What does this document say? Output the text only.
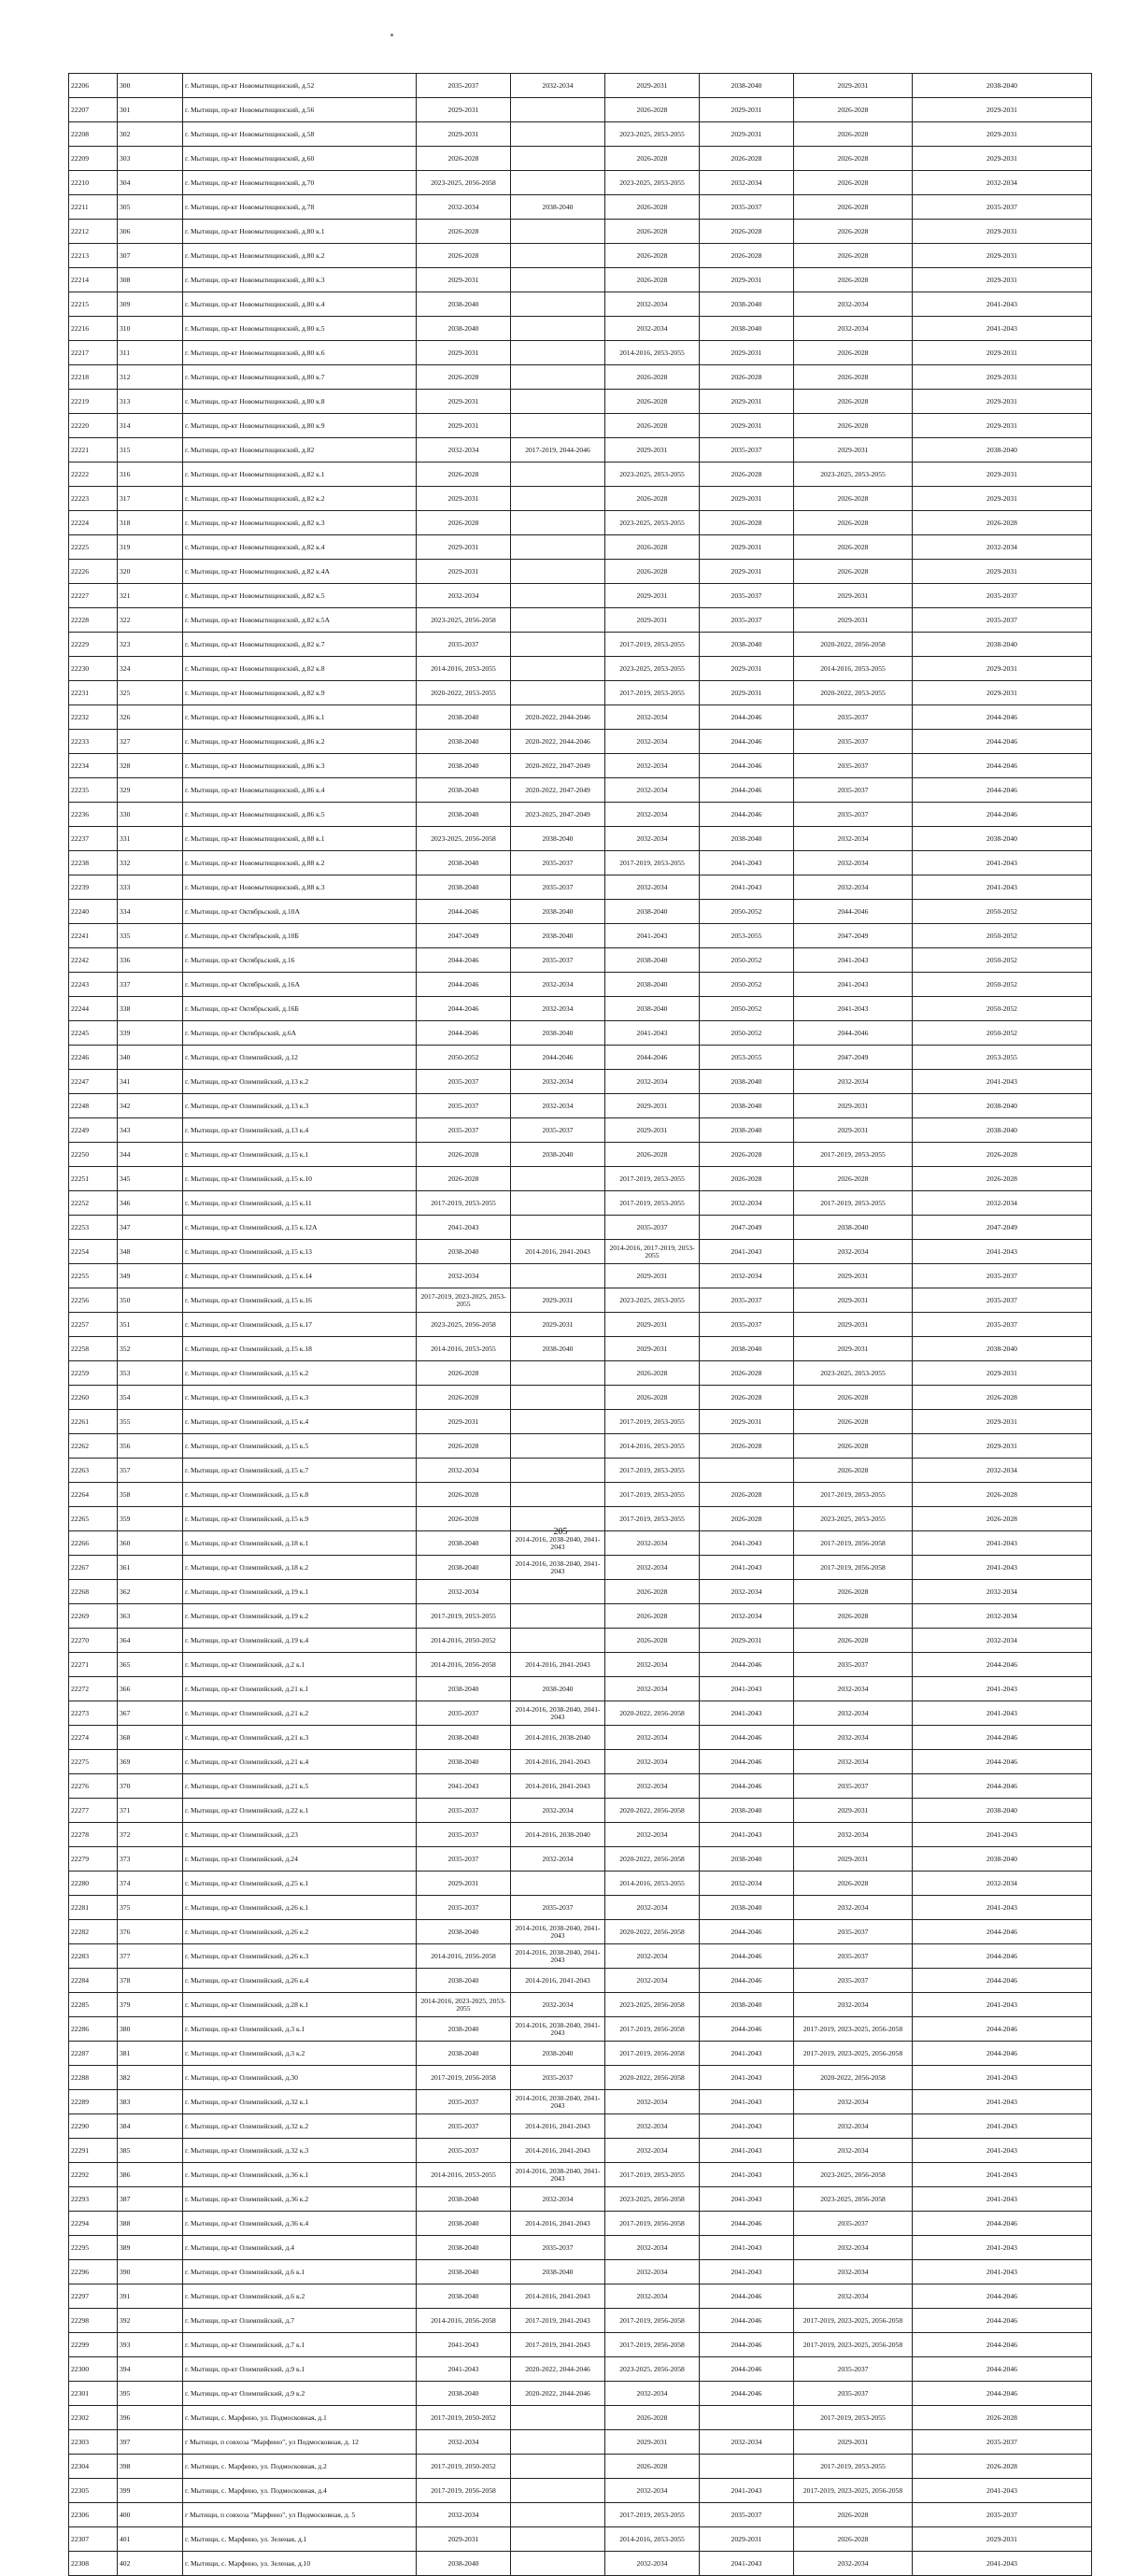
22206	300	г. Мытищи, пр-кт Новомытищинский, д.52	2035-2037	2032-2034	2029-2031	2038-2040	2029-2031	2038-2040
22207	301	г. Мытищи, пр-кт Новомытищинский, д.56	2029-2031		2026-2028	2029-2031	2026-2028	2029-2031
22208	302	г. Мытищи, пр-кт Новомытищинский, д.58	2029-2031		2023-2025, 2053-2055	2029-2031	2026-2028	2029-2031
22209	303	г. Мытищи, пр-кт Новомытищинский, д.60	2026-2028		2026-2028	2026-2028	2026-2028	2029-2031
22210	304	г. Мытищи, пр-кт Новомытищинский, д.70	2023-2025, 2056-2058		2023-2025, 2053-2055	2032-2034	2026-2028	2032-2034
22211	305	г. Мытищи, пр-кт Новомытищинский, д.78	2032-2034	2038-2040	2026-2028	2035-2037	2026-2028	2035-2037
22212	306	г. Мытищи, пр-кт Новомытищинский, д.80 к.1	2026-2028		2026-2028	2026-2028	2026-2028	2029-2031
22213	307	г. Мытищи, пр-кт Новомытищинский, д.80 к.2	2026-2028		2026-2028	2026-2028	2026-2028	2029-2031
22214	308	г. Мытищи, пр-кт Новомытищинский, д.80 к.3	2029-2031		2026-2028	2029-2031	2026-2028	2029-2031
22215	309	г. Мытищи, пр-кт Новомытищинский, д.80 к.4	2038-2040		2032-2034	2038-2040	2032-2034	2041-2043
22216	310	г. Мытищи, пр-кт Новомытищинский, д.80 к.5	2038-2040		2032-2034	2038-2040	2032-2034	2041-2043
22217	311	г. Мытищи, пр-кт Новомытищинский, д.80 к.6	2029-2031		2014-2016, 2053-2055	2029-2031	2026-2028	2029-2031
22218	312	г. Мытищи, пр-кт Новомытищинский, д.80 к.7	2026-2028		2026-2028	2026-2028	2026-2028	2029-2031
22219	313	г. Мытищи, пр-кт Новомытищинский, д.80 к.8	2029-2031		2026-2028	2029-2031	2026-2028	2029-2031
22220	314	г. Мытищи, пр-кт Новомытищинский, д.80 к.9	2029-2031		2026-2028	2029-2031	2026-2028	2029-2031
22221	315	г. Мытищи, пр-кт Новомытищинский, д.82	2032-2034	2017-2019, 2044-2046	2029-2031	2035-2037	2029-2031	2038-2040
22222	316	г. Мытищи, пр-кт Новомытищинский, д.82 к.1	2026-2028		2023-2025, 2053-2055	2026-2028	2023-2025, 2053-2055	2029-2031
22223	317	г. Мытищи, пр-кт Новомытищинский, д.82 к.2	2029-2031		2026-2028	2029-2031	2026-2028	2029-2031
22224	318	г. Мытищи, пр-кт Новомытищинский, д.82 к.3	2026-2028		2023-2025, 2053-2055	2026-2028	2026-2028	2026-2028
22225	319	г. Мытищи, пр-кт Новомытищинский, д.82 к.4	2029-2031		2026-2028	2029-2031	2026-2028	2032-2034
22226	320	г. Мытищи, пр-кт Новомытищинский, д.82 к.4А	2029-2031		2026-2028	2029-2031	2026-2028	2029-2031
22227	321	г. Мытищи, пр-кт Новомытищинский, д.82 к.5	2032-2034		2029-2031	2035-2037	2029-2031	2035-2037
22228	322	г. Мытищи, пр-кт Новомытищинский, д.82 к.5А	2023-2025, 2056-2058		2029-2031	2035-2037	2029-2031	2035-2037
22229	323	г. Мытищи, пр-кт Новомытищинский, д.82 к.7	2035-2037		2017-2019, 2053-2055	2038-2040	2020-2022, 2056-2058	2038-2040
22230	324	г. Мытищи, пр-кт Новомытищинский, д.82 к.8	2014-2016, 2053-2055		2023-2025, 2053-2055	2029-2031	2014-2016, 2053-2055	2029-2031
22231	325	г. Мытищи, пр-кт Новомытищинский, д.82 к.9	2020-2022, 2053-2055		2017-2019, 2053-2055	2029-2031	2020-2022, 2053-2055	2029-2031
22232	326	г. Мытищи, пр-кт Новомытищинский, д.86 к.1	2038-2040	2020-2022, 2044-2046	2032-2034	2044-2046	2035-2037	2044-2046
22233	327	г. Мытищи, пр-кт Новомытищинский, д.86 к.2	2038-2040	2020-2022, 2044-2046	2032-2034	2044-2046	2035-2037	2044-2046
22234	328	г. Мытищи, пр-кт Новомытищинский, д.86 к.3	2038-2040	2020-2022, 2047-2049	2032-2034	2044-2046	2035-2037	2044-2046
22235	329	г. Мытищи, пр-кт Новомытищинский, д.86 к.4	2038-2040	2020-2022, 2047-2049	2032-2034	2044-2046	2035-2037	2044-2046
22236	330	г. Мытищи, пр-кт Новомытищинский, д.86 к.5	2038-2040	2023-2025, 2047-2049	2032-2034	2044-2046	2035-2037	2044-2046
22237	331	г. Мытищи, пр-кт Новомытищинский, д.88 к.1	2023-2025, 2056-2058	2038-2040	2032-2034	2038-2040	2032-2034	2038-2040
22238	332	г. Мытищи, пр-кт Новомытищинский, д.88 к.2	2038-2040	2035-2037	2017-2019, 2053-2055	2041-2043	2032-2034	2041-2043
22239	333	г. Мытищи, пр-кт Новомытищинский, д.88 к.3	2038-2040	2035-2037	2032-2034	2041-2043	2032-2034	2041-2043
22240	334	г. Мытищи, пр-кт Октябрьский, д.10А	2044-2046	2038-2040	2038-2040	2050-2052	2044-2046	2050-2052
22241	335	г. Мытищи, пр-кт Октябрьский, д.10Б	2047-2049	2038-2040	2041-2043	2053-2055	2047-2049	2050-2052
22242	336	г. Мытищи, пр-кт Октябрьский, д.16	2044-2046	2035-2037	2038-2040	2050-2052	2041-2043	2050-2052
22243	337	г. Мытищи, пр-кт Октябрьский, д.16А	2044-2046	2032-2034	2038-2040	2050-2052	2041-2043	2050-2052
22244	338	г. Мытищи, пр-кт Октябрьский, д.16Б	2044-2046	2032-2034	2038-2040	2050-2052	2041-2043	2050-2052
22245	339	г. Мытищи, пр-кт Октябрьский, д.6А	2044-2046	2038-2040	2041-2043	2050-2052	2044-2046	2050-2052
22246	340	г. Мытищи, пр-кт Олимпийский, д.12	2050-2052	2044-2046	2044-2046	2053-2055	2047-2049	2053-2055
22247	341	г. Мытищи, пр-кт Олимпийский, д.13 к.2	2035-2037	2032-2034	2032-2034	2038-2040	2032-2034	2041-2043
22248	342	г. Мытищи, пр-кт Олимпийский, д.13 к.3	2035-2037	2032-2034	2029-2031	2038-2040	2029-2031	2038-2040
22249	343	г. Мытищи, пр-кт Олимпийский, д.13 к.4	2035-2037	2035-2037	2029-2031	2038-2040	2029-2031	2038-2040
22250	344	г. Мытищи, пр-кт Олимпийский, д.15 к.1	2026-2028	2038-2040	2026-2028	2026-2028	2017-2019, 2053-2055	2026-2028
22251	345	г. Мытищи, пр-кт Олимпийский, д.15 к.10	2026-2028		2017-2019, 2053-2055	2026-2028	2026-2028	2026-2028
22252	346	г. Мытищи, пр-кт Олимпийский, д.15 к.11	2017-2019, 2053-2055		2017-2019, 2053-2055	2032-2034	2017-2019, 2053-2055	2032-2034
22253	347	г. Мытищи, пр-кт Олимпийский, д.15 к.12А	2041-2043		2035-2037	2047-2049	2038-2040	2047-2049
22254	348	г. Мытищи, пр-кт Олимпийский, д.15 к.13	2038-2040	2014-2016, 2041-2043	2014-2016, 2017-2019, 2053-2055	2041-2043	2032-2034	2041-2043
22255	349	г. Мытищи, пр-кт Олимпийский, д.15 к.14	2032-2034		2029-2031	2032-2034	2029-2031	2035-2037
22256	350	г. Мытищи, пр-кт Олимпийский, д.15 к.16	2017-2019, 2023-2025, 2053-2055	2029-2031	2023-2025, 2053-2055	2035-2037	2029-2031	2035-2037
22257	351	г. Мытищи, пр-кт Олимпийский, д.15 к.17	2023-2025, 2056-2058	2029-2031	2029-2031	2035-2037	2029-2031	2035-2037
22258	352	г. Мытищи, пр-кт Олимпийский, д.15 к.18	2014-2016, 2053-2055	2038-2040	2029-2031	2038-2040	2029-2031	2038-2040
22259	353	г. Мытищи, пр-кт Олимпийский, д.15 к.2	2026-2028		2026-2028	2026-2028	2023-2025, 2053-2055	2029-2031
22260	354	г. Мытищи, пр-кт Олимпийский, д.15 к.3	2026-2028		2026-2028	2026-2028	2026-2028	2026-2028
22261	355	г. Мытищи, пр-кт Олимпийский, д.15 к.4	2029-2031		2017-2019, 2053-2055	2029-2031	2026-2028	2029-2031
22262	356	г. Мытищи, пр-кт Олимпийский, д.15 к.5	2026-2028		2014-2016, 2053-2055	2026-2028	2026-2028	2029-2031
22263	357	г. Мытищи, пр-кт Олимпийский, д.15 к.7	2032-2034		2017-2019, 2053-2055		2026-2028	2032-2034
22264	358	г. Мытищи, пр-кт Олимпийский, д.15 к.8	2026-2028		2017-2019, 2053-2055	2026-2028	2017-2019, 2053-2055	2026-2028
22265	359	г. Мытищи, пр-кт Олимпийский, д.15 к.9	2026-2028		2017-2019, 2053-2055	2026-2028	2023-2025, 2053-2055	2026-2028
22266	360	г. Мытищи, пр-кт Олимпийский, д.18 к.1	2038-2040	2014-2016, 2038-2040, 2041-2043	2032-2034	2041-2043	2017-2019, 2056-2058	2041-2043
22267	361	г. Мытищи, пр-кт Олимпийский, д.18 к.2	2038-2040	2014-2016, 2038-2040, 2041-2043	2032-2034	2041-2043	2017-2019, 2056-2058	2041-2043
22268	362	г. Мытищи, пр-кт Олимпийский, д.19 к.1	2032-2034		2026-2028	2032-2034	2026-2028	2032-2034
22269	363	г. Мытищи, пр-кт Олимпийский, д.19 к.2	2017-2019, 2053-2055		2026-2028	2032-2034	2026-2028	2032-2034
22270	364	г. Мытищи, пр-кт Олимпийский, д.19 к.4	2014-2016, 2050-2052		2026-2028	2029-2031	2026-2028	2032-2034
22271	365	г. Мытищи, пр-кт Олимпийский, д.2 к.1	2014-2016, 2056-2058	2014-2016, 2041-2043	2032-2034	2044-2046	2035-2037	2044-2046
22272	366	г. Мытищи, пр-кт Олимпийский, д.21 к.1	2038-2040	2038-2040	2032-2034	2041-2043	2032-2034	2041-2043
22273	367	г. Мытищи, пр-кт Олимпийский, д.21 к.2	2035-2037	2014-2016, 2038-2040, 2041-2043	2020-2022, 2056-2058	2041-2043	2032-2034	2041-2043
22274	368	г. Мытищи, пр-кт Олимпийский, д.21 к.3	2038-2040	2014-2016, 2038-2040	2032-2034	2044-2046	2032-2034	2044-2046
22275	369	г. Мытищи, пр-кт Олимпийский, д.21 к.4	2038-2040	2014-2016, 2041-2043	2032-2034	2044-2046	2032-2034	2044-2046
22276	370	г. Мытищи, пр-кт Олимпийский, д.21 к.5	2041-2043	2014-2016, 2041-2043	2032-2034	2044-2046	2035-2037	2044-2046
22277	371	г. Мытищи, пр-кт Олимпийский, д.22 к.1	2035-2037	2032-2034	2020-2022, 2056-2058	2038-2040	2029-2031	2038-2040
22278	372	г. Мытищи, пр-кт Олимпийский, д.23	2035-2037	2014-2016, 2038-2040	2032-2034	2041-2043	2032-2034	2041-2043
22279	373	г. Мытищи, пр-кт Олимпийский, д.24	2035-2037	2032-2034	2020-2022, 2056-2058	2038-2040	2029-2031	2038-2040
22280	374	г. Мытищи, пр-кт Олимпийский, д.25 к.1	2029-2031		2014-2016, 2053-2055	2032-2034	2026-2028	2032-2034
22281	375	г. Мытищи, пр-кт Олимпийский, д.26 к.1	2035-2037	2035-2037	2032-2034	2038-2040	2032-2034	2041-2043
22282	376	г. Мытищи, пр-кт Олимпийский, д.26 к.2	2038-2040	2014-2016, 2038-2040, 2041-2043	2020-2022, 2056-2058	2044-2046	2035-2037	2044-2046
22283	377	г. Мытищи, пр-кт Олимпийский, д.26 к.3	2014-2016, 2056-2058	2014-2016, 2038-2040, 2041-2043	2032-2034	2044-2046	2035-2037	2044-2046
22284	378	г. Мытищи, пр-кт Олимпийский, д.26 к.4	2038-2040	2014-2016, 2041-2043	2032-2034	2044-2046	2035-2037	2044-2046
22285	379	г. Мытищи, пр-кт Олимпийский, д.28 к.1	2014-2016, 2023-2025, 2053-2055	2032-2034	2023-2025, 2056-2058	2038-2040	2032-2034	2041-2043
22286	380	г. Мытищи, пр-кт Олимпийский, д.3 к.1	2038-2040	2014-2016, 2038-2040, 2041-2043	2017-2019, 2056-2058	2044-2046	2017-2019, 2023-2025, 2056-2058	2044-2046
22287	381	г. Мытищи, пр-кт Олимпийский, д.3 к.2	2038-2040	2038-2040	2017-2019, 2056-2058	2041-2043	2017-2019, 2023-2025, 2056-2058	2044-2046
22288	382	г. Мытищи, пр-кт Олимпийский, д.30	2017-2019, 2056-2058	2035-2037	2020-2022, 2056-2058	2041-2043	2020-2022, 2056-2058	2041-2043
22289	383	г. Мытищи, пр-кт Олимпийский, д.32 к.1	2035-2037	2014-2016, 2038-2040, 2041-2043	2032-2034	2041-2043	2032-2034	2041-2043
22290	384	г. Мытищи, пр-кт Олимпийский, д.32 к.2	2035-2037	2014-2016, 2041-2043	2032-2034	2041-2043	2032-2034	2041-2043
22291	385	г. Мытищи, пр-кт Олимпийский, д.32 к.3	2035-2037	2014-2016, 2041-2043	2032-2034	2041-2043	2032-2034	2041-2043
22292	386	г. Мытищи, пр-кт Олимпийский, д.36 к.1	2014-2016, 2053-2055	2014-2016, 2038-2040, 2041-2043	2017-2019, 2053-2055	2041-2043	2023-2025, 2056-2058	2041-2043
22293	387	г. Мытищи, пр-кт Олимпийский, д.36 к.2	2038-2040	2032-2034	2023-2025, 2056-2058	2041-2043	2023-2025, 2056-2058	2041-2043
22294	388	г. Мытищи, пр-кт Олимпийский, д.36 к.4	2038-2040	2014-2016, 2041-2043	2017-2019, 2056-2058	2044-2046	2035-2037	2044-2046
22295	389	г. Мытищи, пр-кт Олимпийский, д.4	2038-2040	2035-2037	2032-2034	2041-2043	2032-2034	2041-2043
22296	390	г. Мытищи, пр-кт Олимпийский, д.6 к.1	2038-2040	2038-2040	2032-2034	2041-2043	2032-2034	2041-2043
22297	391	г. Мытищи, пр-кт Олимпийский, д.6 к.2	2038-2040	2014-2016, 2041-2043	2032-2034	2044-2046	2032-2034	2044-2046
22298	392	г. Мытищи, пр-кт Олимпийский, д.7	2014-2016, 2056-2058	2017-2019, 2041-2043	2017-2019, 2056-2058	2044-2046	2017-2019, 2023-2025, 2056-2058	2044-2046
22299	393	г. Мытищи, пр-кт Олимпийский, д.7 к.1	2041-2043	2017-2019, 2041-2043	2017-2019, 2056-2058	2044-2046	2017-2019, 2023-2025, 2056-2058	2044-2046
22300	394	г. Мытищи, пр-кт Олимпийский, д.9 к.1	2041-2043	2020-2022, 2044-2046	2023-2025, 2056-2058	2044-2046	2035-2037	2044-2046
22301	395	г. Мытищи, пр-кт Олимпийский, д.9 к.2	2038-2040	2020-2022, 2044-2046	2032-2034	2044-2046	2035-2037	2044-2046
22302	396	г. Мытищи, с. Марфино, ул. Подмосковная, д.1	2017-2019, 2050-2052		2026-2028		2017-2019, 2053-2055	2026-2028
22303	397	г Мытищи, п совхоза "Марфино", ул Подмосковная, д. 12	2032-2034		2029-2031	2032-2034	2029-2031	2035-2037
22304	398	г. Мытищи, с. Марфино, ул. Подмосковная, д.2	2017-2019, 2050-2052		2026-2028		2017-2019, 2053-2055	2026-2028
22305	399	г. Мытищи, с. Марфино, ул. Подмосковная, д.4	2017-2019, 2056-2058		2032-2034	2041-2043	2017-2019, 2023-2025, 2056-2058	2041-2043
22306	400	г Мытищи, п совхоза "Марфино", ул Подмосковная, д. 5	2032-2034		2017-2019, 2053-2055	2035-2037	2026-2028	2035-2037
22307	401	г. Мытищи, с. Марфино, ул. Зеленая, д.1	2029-2031		2014-2016, 2053-2055	2029-2031	2026-2028	2029-2031
22308	402	г. Мытищи, с. Марфино, ул. Зеленая, д.10	2038-2040		2032-2034	2041-2043	2032-2034	2041-2043
205
